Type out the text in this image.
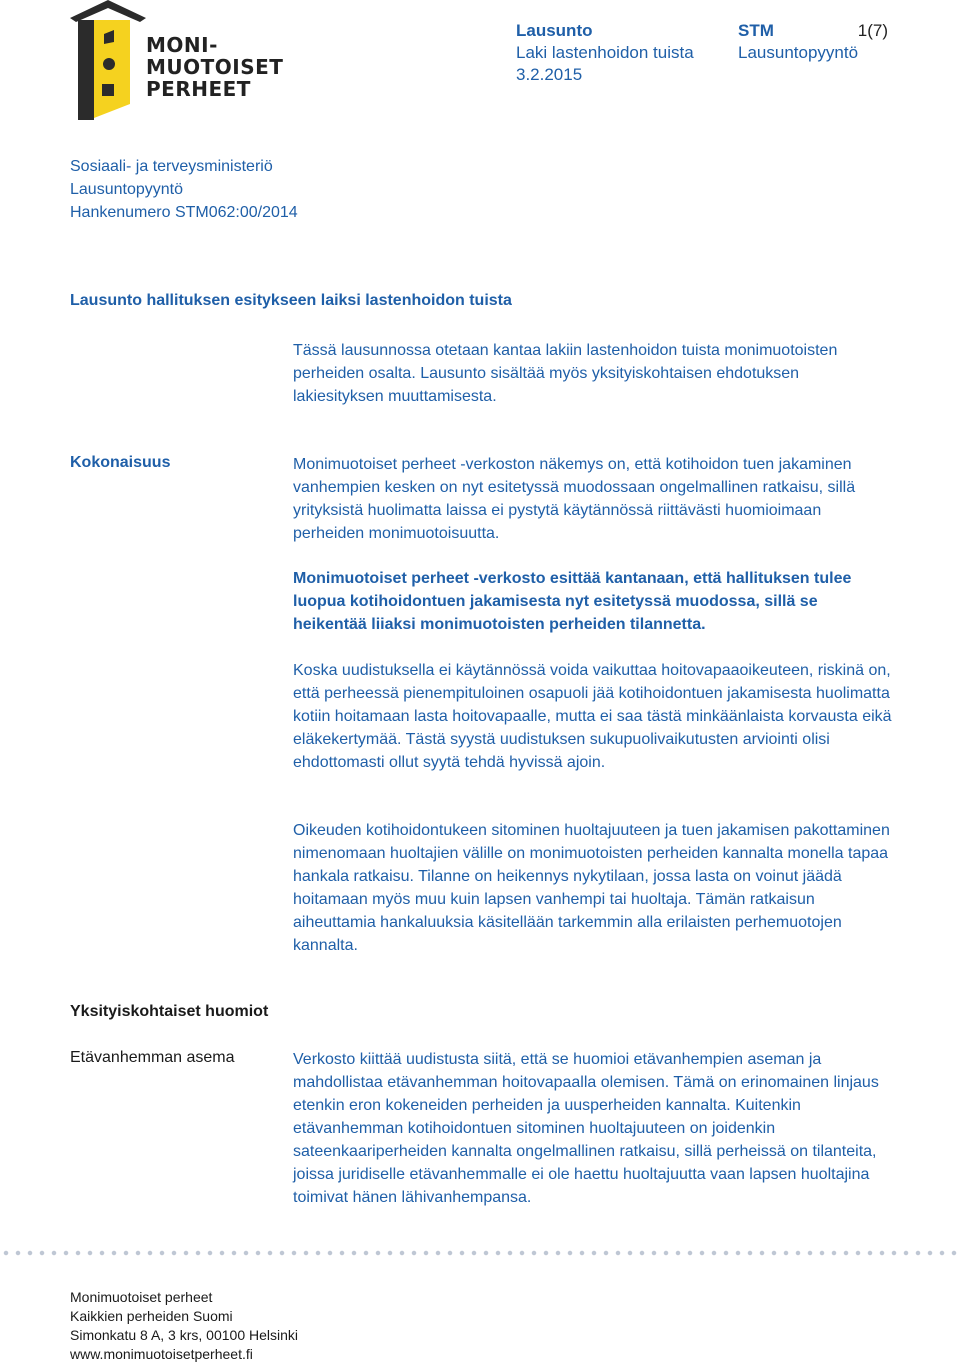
MONI-
MUOTOISET
PERHEET
Lausunto
Laki lastenhoidon tuista
3.2.2015
STM	1(7)
Lausuntopyyntö
Sosiaali- ja terveysministeriö
Lausuntopyyntö
Hankenumero STM062:00/2014
Lausunto hallituksen esitykseen laiksi lastenhoidon tuista
Tässä lausunnossa otetaan kantaa lakiin lastenhoidon tuista monimuotoisten perheiden osalta. Lausunto sisältää myös yksityiskohtaisen ehdotuksen lakiesityksen muuttamisesta.
Kokonaisuus	Monimuotoiset perheet -verkoston näkemys on, että kotihoidon tuen jakaminen vanhempien kesken on nyt esitetyssä muodossaan ongelmallinen ratkaisu, sillä yrityksistä huolimatta laissa ei pystytä käytännössä riittävästi huomioimaan perheiden monimuotoisuutta.
Monimuotoiset perheet -verkosto esittää kantanaan, että hallituksen tulee luopua kotihoidontuen jakamisesta nyt esitetyssä muodossa, sillä se heikentää liiaksi monimuotoisten perheiden tilannetta.
Koska uudistuksella ei käytännössä voida vaikuttaa hoitovapaaoikeuteen, riskinä on, että perheessä pienempituloinen osapuoli jää kotihoidontuen jakamisesta huolimatta kotiin hoitamaan lasta hoitovapaalle, mutta ei saa tästä minkäänlaista korvausta eikä eläkekertymää. Tästä syystä uudistuksen sukupuolivaikutusten arviointi olisi ehdottomasti ollut syytä tehdä hyvissä ajoin.
Oikeuden kotihoidontukeen sitominen huoltajuuteen ja tuen jakamisen pakottaminen nimenomaan huoltajien välille on monimuotoisten perheiden kannalta monella tapaa hankala ratkaisu. Tilanne on heikennys nykytilaan, jossa lasta on voinut jäädä hoitamaan myös muu kuin lapsen vanhempi tai huoltaja. Tämän ratkaisun aiheuttamia hankaluuksia käsitellään tarkemmin alla erilaisten perhemuotojen kannalta.
Yksityiskohtaiset huomiot
Etävanhemman asema	Verkosto kiittää uudistusta siitä, että se huomioi etävanhempien aseman ja mahdollistaa etävanhemman hoitovapaalla olemisen. Tämä on erinomainen linjaus etenkin eron kokeneiden perheiden ja uusperheiden kannalta. Kuitenkin etävanhemman kotihoidontuen sitominen huoltajuuteen on joidenkin sateenkaariperheiden kannalta ongelmallinen ratkaisu, sillä perheissä on tilanteita, joissa juridiselle etävanhemmalle ei ole haettu huoltajuutta vaan lapsen huoltajina toimivat hänen lähivanhempansa.
Monimuotoiset perheet
Kaikkien perheiden Suomi
Simonkatu 8 A, 3 krs, 00100 Helsinki
www.monimuotoisetperheet.fi
